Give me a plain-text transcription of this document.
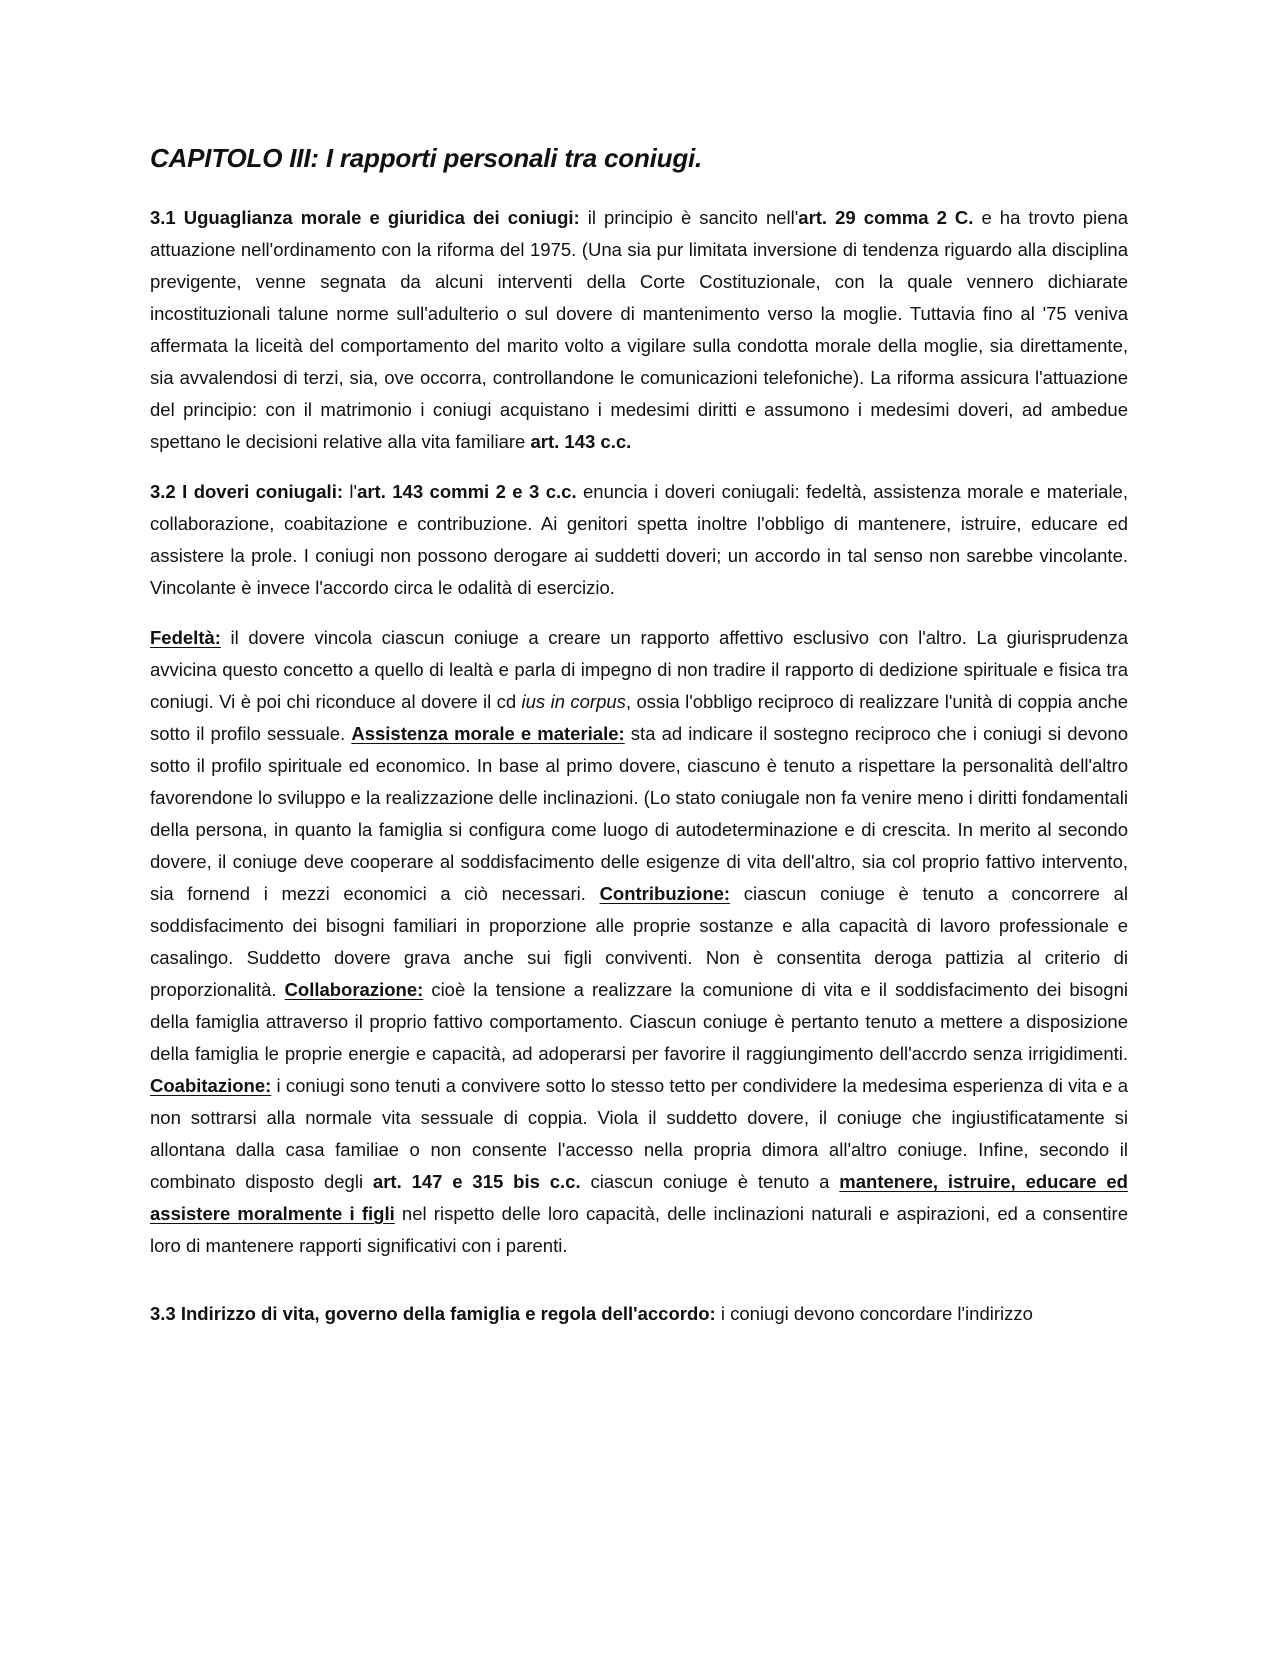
CAPITOLO III: I rapporti personali tra coniugi.

3.1 Uguaglianza morale e giuridica dei coniugi: il principio è sancito nell'art. 29 comma 2 C. e ha trovto piena attuazione nell'ordinamento con la riforma del 1975. (Una sia pur limitata inversione di tendenza riguardo alla disciplina previgente, venne segnata da alcuni interventi della Corte Costituzionale, con la quale vennero dichiarate incostituzionali talune norme sull'adulterio o sul dovere di mantenimento verso la moglie. Tuttavia fino al '75 veniva affermata la liceità del comportamento del marito volto a vigilare sulla condotta morale della moglie, sia direttamente, sia avvalendosi di terzi, sia, ove occorra, controllandone le comunicazioni telefoniche). La riforma assicura l'attuazione del principio: con il matrimonio i coniugi acquistano i medesimi diritti e assumono i medesimi doveri, ad ambedue spettano le decisioni relative alla vita familiare art. 143 c.c.

3.2 I doveri coniugali: l'art. 143 commi 2 e 3 c.c. enuncia i doveri coniugali: fedeltà, assistenza morale e materiale, collaborazione, coabitazione e contribuzione. Ai genitori spetta inoltre l'obbligo di mantenere, istruire, educare ed assistere la prole. I coniugi non possono derogare ai suddetti doveri; un accordo in tal senso non sarebbe vincolante. Vincolante è invece l'accordo circa le odalità di esercizio.

Fedeltà: il dovere vincola ciascun coniuge a creare un rapporto affettivo esclusivo con l'altro. La giurisprudenza avvicina questo concetto a quello di lealtà e parla di impegno di non tradire il rapporto di dedizione spirituale e fisica tra coniugi. Vi è poi chi riconduce al dovere il cd ius in corpus, ossia l'obbligo reciproco di realizzare l'unità di coppia anche sotto il profilo sessuale. Assistenza morale e materiale: sta ad indicare il sostegno reciproco che i coniugi si devono sotto il profilo spirituale ed economico. In base al primo dovere, ciascuno è tenuto a rispettare la personalità dell'altro favorendone lo sviluppo e la realizzazione delle inclinazioni. (Lo stato coniugale non fa venire meno i diritti fondamentali della persona, in quanto la famiglia si configura come luogo di autodeterminazione e di crescita. In merito al secondo dovere, il coniuge deve cooperare al soddisfacimento delle esigenze di vita dell'altro, sia col proprio fattivo intervento, sia fornend i mezzi economici a ciò necessari. Contribuzione: ciascun coniuge è tenuto a concorrere al soddisfacimento dei bisogni familiari in proporzione alle proprie sostanze e alla capacità di lavoro professionale e casalingo. Suddetto dovere grava anche sui figli conviventi. Non è consentita deroga pattizia al criterio di proporzionalità. Collaborazione: cioè la tensione a realizzare la comunione di vita e il soddisfacimento dei bisogni della famiglia attraverso il proprio fattivo comportamento. Ciascun coniuge è pertanto tenuto a mettere a disposizione della famiglia le proprie energie e capacità, ad adoperarsi per favorire il raggiungimento dell'accrdo senza irrigidimenti. Coabitazione: i coniugi sono tenuti a convivere sotto lo stesso tetto per condividere la medesima esperienza di vita e a non sottrarsi alla normale vita sessuale di coppia. Viola il suddetto dovere, il coniuge che ingiustificatamente si allontana dalla casa familiae o non consente l'accesso nella propria dimora all'altro coniuge. Infine, secondo il combinato disposto degli art. 147 e 315 bis c.c. ciascun coniuge è tenuto a mantenere, istruire, educare ed assistere moralmente i figli nel rispetto delle loro capacità, delle inclinazioni naturali e aspirazioni, ed a consentire loro di mantenere rapporti significativi con i parenti.

3.3 Indirizzo di vita, governo della famiglia e regola dell'accordo: i coniugi devono concordare l'indirizzo
